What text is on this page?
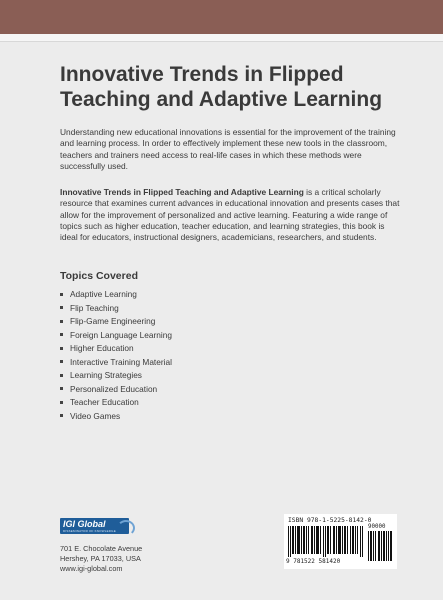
Innovative Trends in Flipped
Teaching and Adaptive Learning

Understanding new educational innovations is essential for the improvement of the training and learning process. In order to effectively implement these new tools in the classroom, teachers and trainers need access to real-life cases in which these methods were successfully used.

Innovative Trends in Flipped Teaching and Adaptive Learning is a critical scholarly resource that examines current advances in educational innovation and presents cases that allow for the improvement of personalized and active learning. Featuring a wide range of topics such as higher education, teacher education, and learning strategies, this book is ideal for educators, instructional designers, academicians, researchers, and students.

Topics Covered
Adaptive Learning
Flip Teaching
Flip-Game Engineering
Foreign Language Learning
Higher Education
Interactive Training Material
Learning Strategies
Personalized Education
Teacher Education
Video Games
IGI Global
DISSEMINATOR OF KNOWLEDGE
701 E. Chocolate Avenue
Hershey, PA 17033, USA
www.igi-global.com
ISBN 978-1-5225-8142-0
9 781522 581420
90000
